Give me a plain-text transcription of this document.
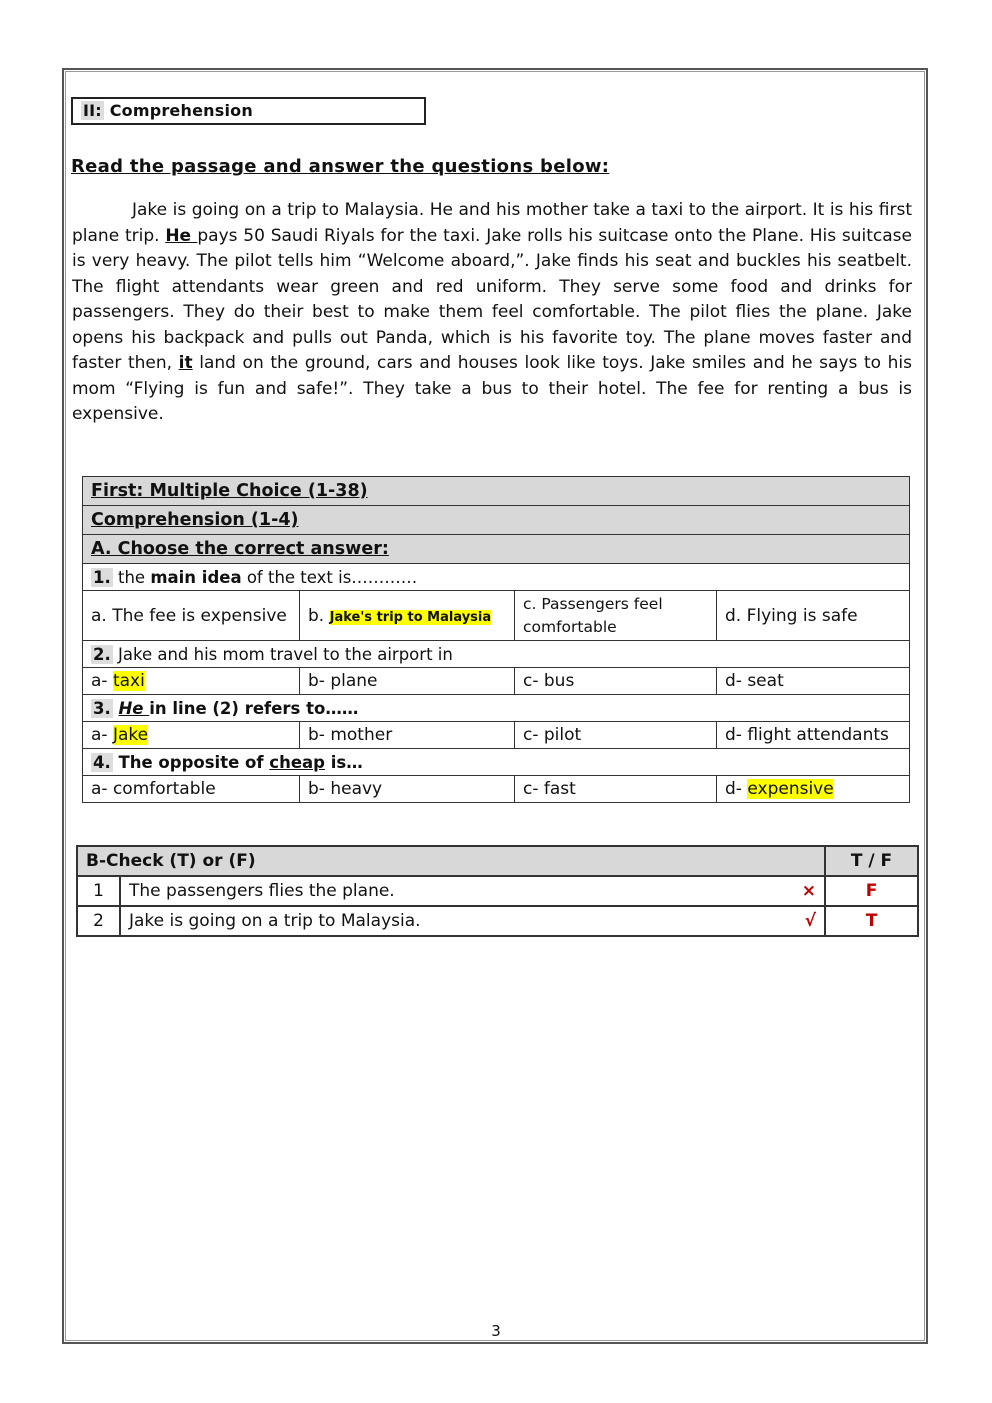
II: Comprehension
Read the passage and answer the questions below:
Jake is going on a trip to Malaysia. He and his mother take a taxi to the airport. It is his first plane trip. He pays 50 Saudi Riyals for the taxi. Jake rolls his suitcase onto the Plane. His suitcase is very heavy. The pilot tells him “Welcome aboard,”. Jake finds his seat and buckles his seatbelt. The flight attendants wear green and red uniform. They serve some food and drinks for passengers. They do their best to make them feel comfortable. The pilot flies the plane. Jake opens his backpack and pulls out Panda, which is his favorite toy. The plane moves faster and faster then, it land on the ground, cars and houses look like toys. Jake smiles and he says to his mom “Flying is fun and safe!”. They take a bus to their hotel. The fee for renting a bus is expensive.
First: Multiple Choice (1-38)			
Comprehension (1-4)			
A. Choose the correct answer:			
1. the main idea of the text is…………			
a. The fee is expensive	b. Jake's trip to Malaysia	c. Passengers feel comfortable	d. Flying is safe
2. Jake and his mom travel to the airport in			
a- taxi	b- plane	c- bus	d- seat
3. He in line (2) refers to……			
a- Jake	b- mother	c- pilot	d- flight attendants
4. The opposite of cheap is…			
a- comfortable	b- heavy	c- fast	d- expensive
B-Check (T) or (F)		T / F
1	The passengers flies the plane. ×	F
2	Jake is going on a trip to Malaysia. √	T
3
